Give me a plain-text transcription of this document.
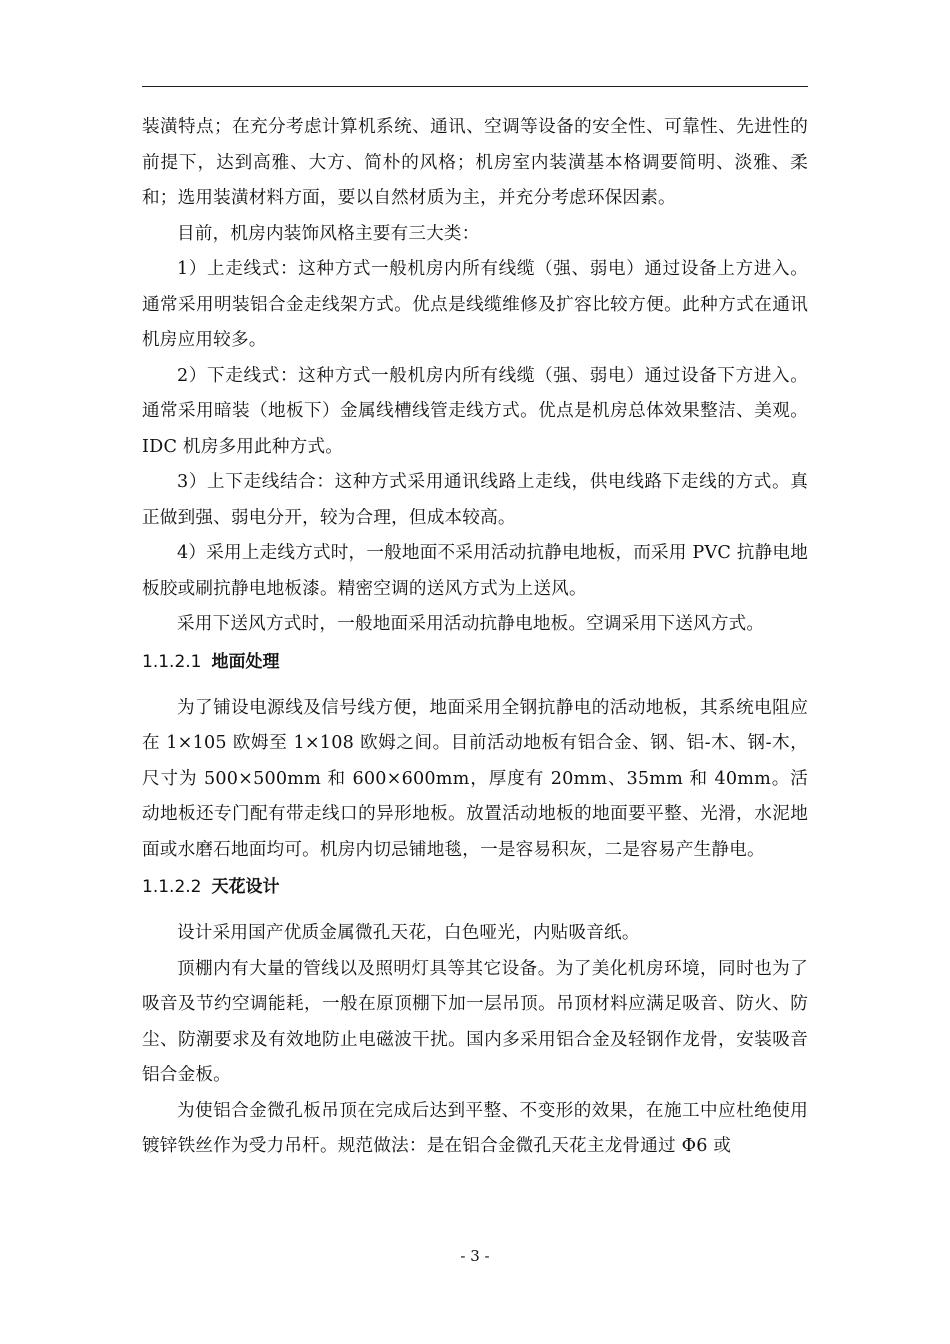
装潢特点；在充分考虑计算机系统、通讯、空调等设备的安全性、可靠性、先进性的前提下，达到高雅、大方、简朴的风格；机房室内装潢基本格调要简明、淡雅、柔和；选用装潢材料方面，要以自然材质为主，并充分考虑环保因素。

目前，机房内装饰风格主要有三大类：

1）上走线式：这种方式一般机房内所有线缆（强、弱电）通过设备上方进入。通常采用明装铝合金走线架方式。优点是线缆维修及扩容比较方便。此种方式在通讯机房应用较多。

2）下走线式：这种方式一般机房内所有线缆（强、弱电）通过设备下方进入。通常采用暗装（地板下）金属线槽线管走线方式。优点是机房总体效果整洁、美观。IDC 机房多用此种方式。

3）上下走线结合：这种方式采用通讯线路上走线，供电线路下走线的方式。真正做到强、弱电分开，较为合理，但成本较高。

4）采用上走线方式时，一般地面不采用活动抗静电地板，而采用 PVC 抗静电地板胶或刷抗静电地板漆。精密空调的送风方式为上送风。

采用下送风方式时，一般地面采用活动抗静电地板。空调采用下送风方式。

1.1.2.1 地面处理

为了铺设电源线及信号线方便，地面采用全钢抗静电的活动地板，其系统电阻应在 1×105 欧姆至 1×108 欧姆之间。目前活动地板有铝合金、钢、铝-木、钢-木，尺寸为 500×500mm 和 600×600mm，厚度有 20mm、35mm 和 40mm。活动地板还专门配有带走线口的异形地板。放置活动地板的地面要平整、光滑，水泥地面或水磨石地面均可。机房内切忌铺地毯，一是容易积灰，二是容易产生静电。

1.1.2.2 天花设计

设计采用国产优质金属微孔天花，白色哑光，内贴吸音纸。

顶棚内有大量的管线以及照明灯具等其它设备。为了美化机房环境，同时也为了吸音及节约空调能耗，一般在原顶棚下加一层吊顶。吊顶材料应满足吸音、防火、防尘、防潮要求及有效地防止电磁波干扰。国内多采用铝合金及轻钢作龙骨，安装吸音铝合金板。

为使铝合金微孔板吊顶在完成后达到平整、不变形的效果，在施工中应杜绝使用镀锌铁丝作为受力吊杆。规范做法：是在铝合金微孔天花主龙骨通过 Φ6 或

- 3 -
